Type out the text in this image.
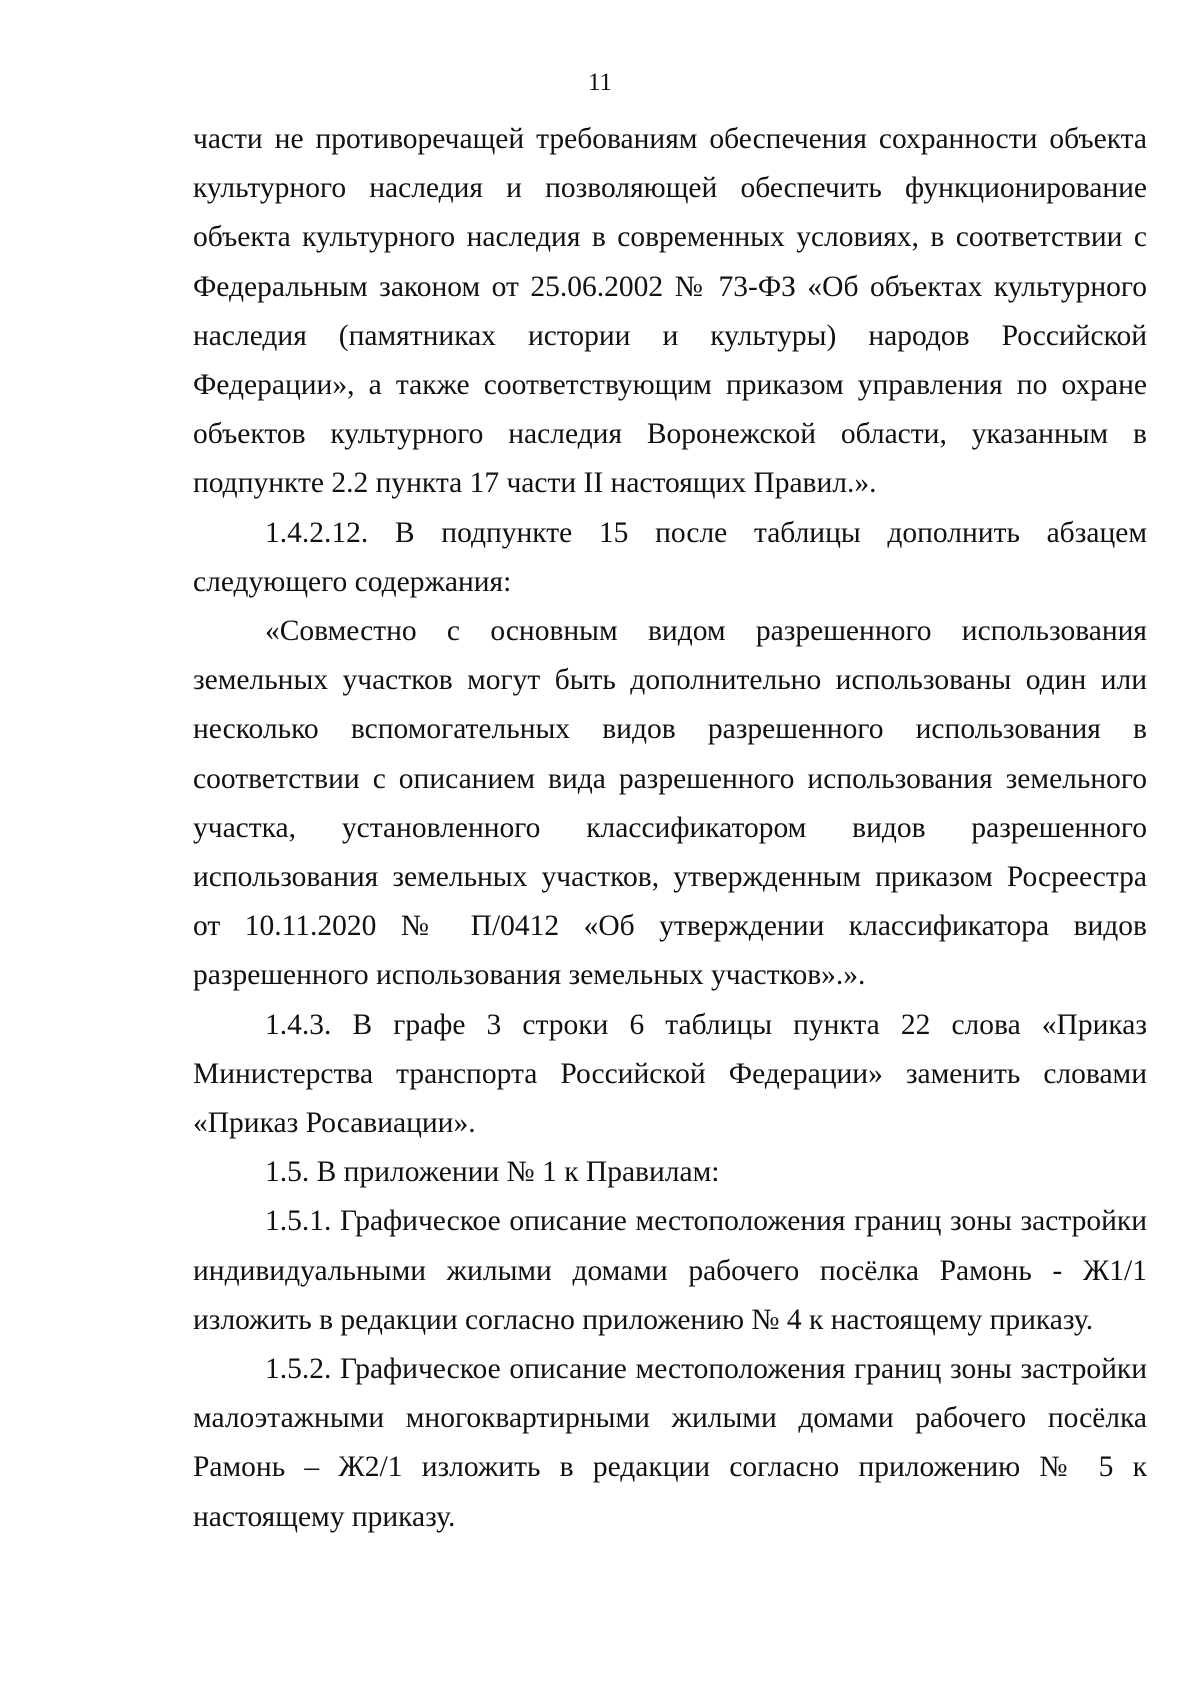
11

части не противоречащей требованиям обеспечения сохранности объекта культурного наследия и позволяющей обеспечить функционирование объекта культурного наследия в современных условиях, в соответствии с Федеральным законом от 25.06.2002 № 73-ФЗ «Об объектах культурного наследия (памятниках истории и культуры) народов Российской Федерации», а также соответствующим приказом управления по охране объектов культурного наследия Воронежской области, указанным в подпункте 2.2 пункта 17 части II настоящих Правил.».

1.4.2.12. В подпункте 15 после таблицы дополнить абзацем следующего содержания:

«Совместно с основным видом разрешенного использования земельных участков могут быть дополнительно использованы один или несколько вспомогательных видов разрешенного использования в соответствии с описанием вида разрешенного использования земельного участка, установленного классификатором видов разрешенного использования земельных участков, утвержденным приказом Росреестра от 10.11.2020 № П/0412 «Об утверждении классификатора видов разрешенного использования земельных участков».».

1.4.3. В графе 3 строки 6 таблицы пункта 22 слова «Приказ Министерства транспорта Российской Федерации» заменить словами «Приказ Росавиации».

1.5. В приложении № 1 к Правилам:

1.5.1. Графическое описание местоположения границ зоны застройки индивидуальными жилыми домами рабочего посёлка Рамонь - Ж1/1 изложить в редакции согласно приложению № 4 к настоящему приказу.

1.5.2. Графическое описание местоположения границ зоны застройки малоэтажными многоквартирными жилыми домами рабочего посёлка Рамонь – Ж2/1 изложить в редакции согласно приложению № 5 к настоящему приказу.
